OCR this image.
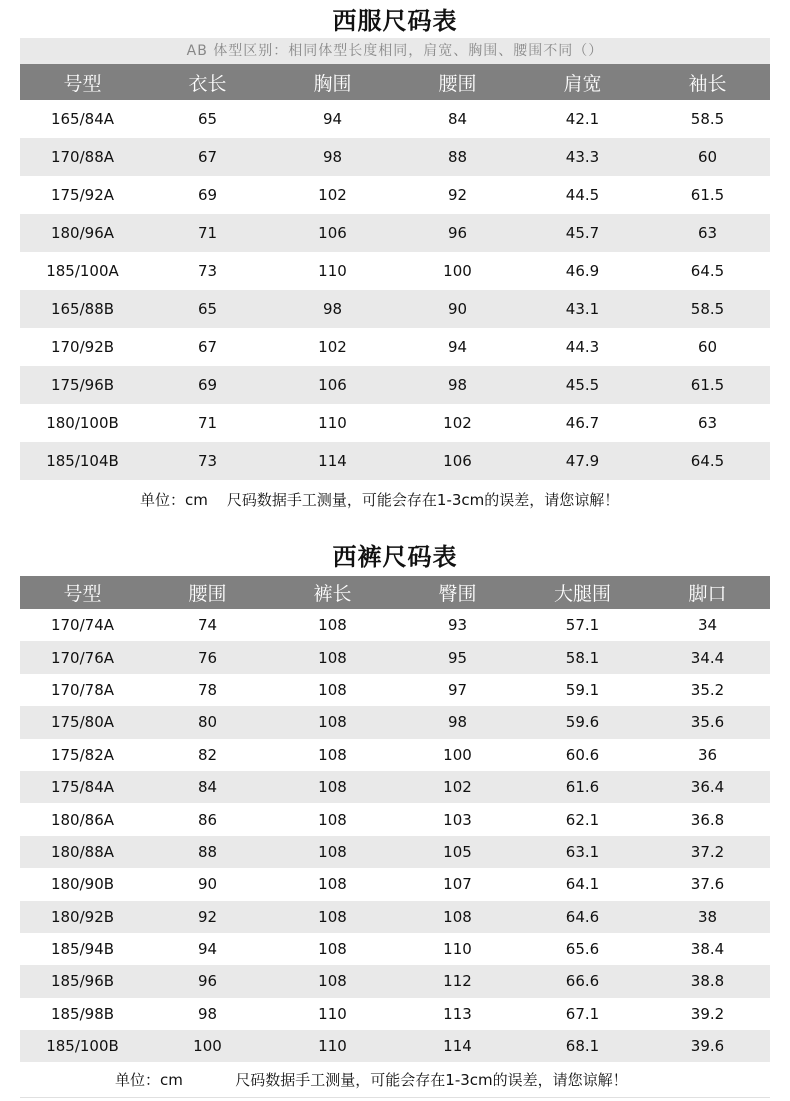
西服尺码表
AB 体型区别：相同体型长度相同，肩宽、胸围、腰围不同（）
号型	衣长	胸围	腰围	肩宽	袖长
165/84A	65	94	84	42.1	58.5
170/88A	67	98	88	43.3	60
175/92A	69	102	92	44.5	61.5
180/96A	71	106	96	45.7	63
185/100A	73	110	100	46.9	64.5
165/88B	65	98	90	43.1	58.5
170/92B	67	102	94	44.3	60
175/96B	69	106	98	45.5	61.5
180/100B	71	110	102	46.7	63
185/104B	73	114	106	47.9	64.5
单位：cm    尺码数据手工测量，可能会存在1-3cm的误差，请您谅解！
西裤尺码表
号型	腰围	裤长	臀围	大腿围	脚口
170/74A	74	108	93	57.1	34
170/76A	76	108	95	58.1	34.4
170/78A	78	108	97	59.1	35.2
175/80A	80	108	98	59.6	35.6
175/82A	82	108	100	60.6	36
175/84A	84	108	102	61.6	36.4
180/86A	86	108	103	62.1	36.8
180/88A	88	108	105	63.1	37.2
180/90B	90	108	107	64.1	37.6
180/92B	92	108	108	64.6	38
185/94B	94	108	110	65.6	38.4
185/96B	96	108	112	66.6	38.8
185/98B	98	110	113	67.1	39.2
185/100B	100	110	114	68.1	39.6
单位：cm           尺码数据手工测量，可能会存在1-3cm的误差，请您谅解！
